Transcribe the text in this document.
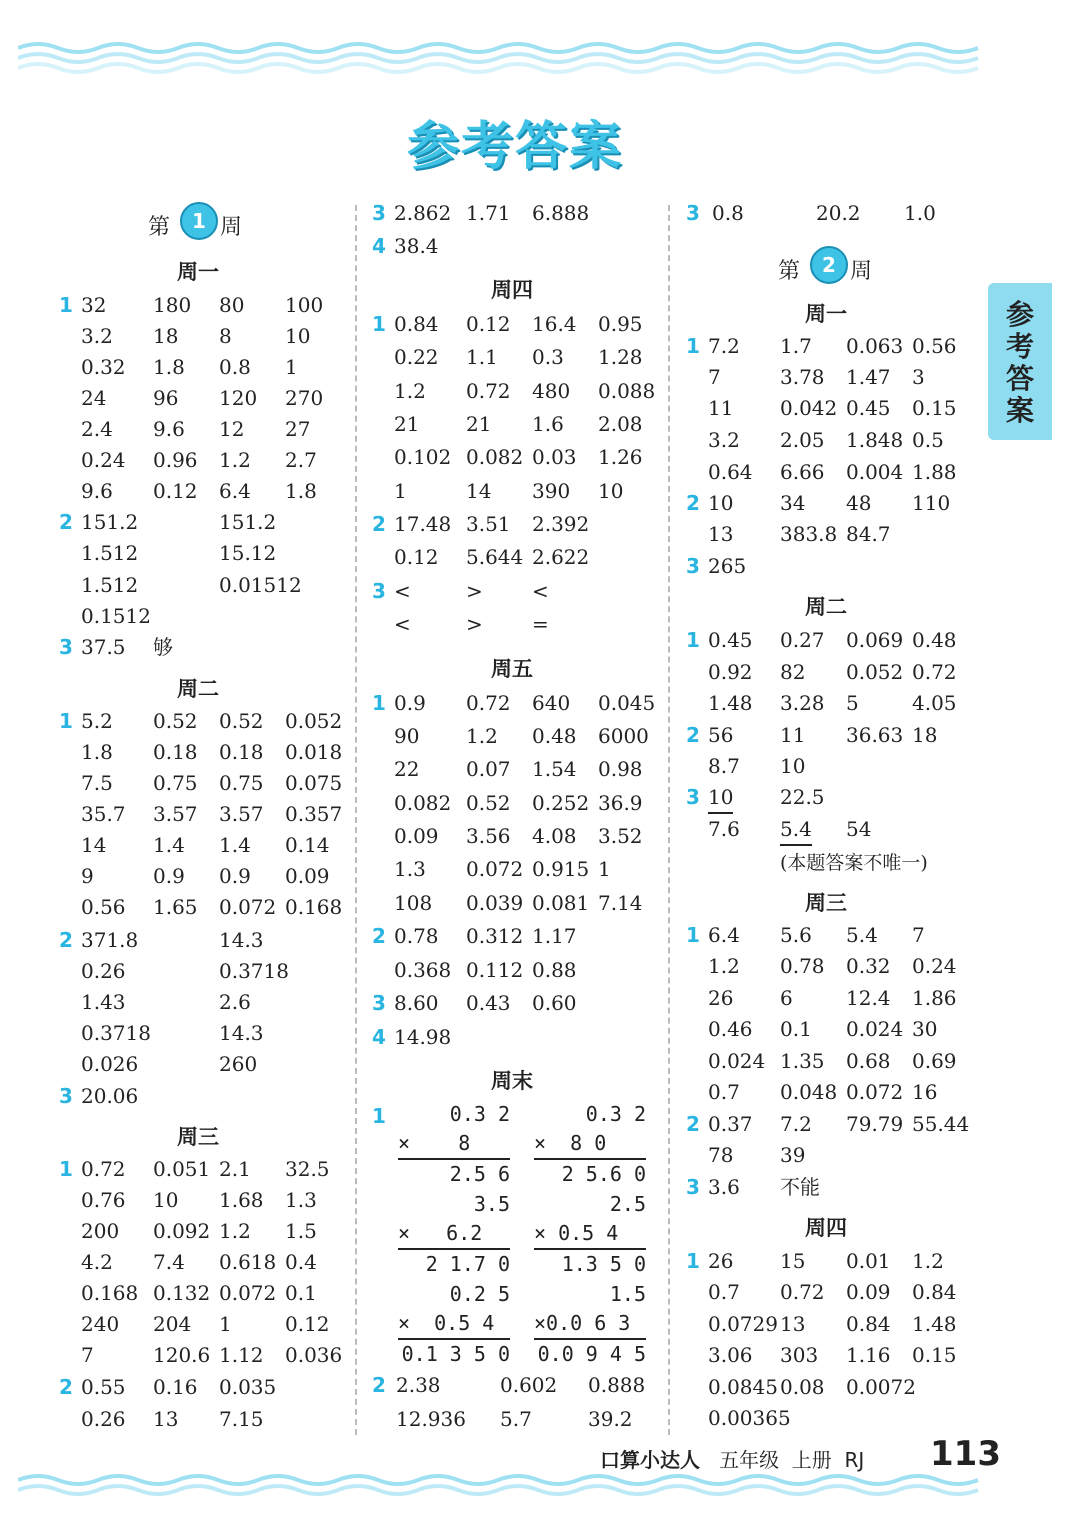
参考答案
参考答案
第	1 周
周一
周二
周三
周四
周五
周末
第	2 周
周一
周二
周三
周四
1 32 180 80 100
3.2 18 8	10
0.32 1.8 0.8 1
24 96 120 270
2.4 9.6 12 27
0.24 0.96 1.2 2.7
9.6 0.12 6.4 1.8
2 151.2	151.2
1.512	15.12
1.512	0.01512
0.1512
3 37.5 够
1 5.2 0.52 0.52 0.052
1.8 0.18 0.18 0.018
7.5 0.75 0.75 0.075
35.7 3.57 3.57 0.357
14 1.4 1.4 0.14
9	0.9 0.9 0.09
0.56 1.65 0.072 0.168
2 371.8	14.3
0.26	0.3718
1.43	2.6
0.3718	14.3
0.026	260
3 20.06
1 0.72 0.051 2.1 32.5
0.76 10 1.68 1.3
200 0.092 1.2 1.5
4.2 7.4 0.618 0.4
0.168 0.132 0.072 0.1
240 204 1	0.12
7	120.6 1.12 0.036
2 0.55 0.16 0.035
0.26 13 7.15
3 2.862 1.71 6.888
4 38.4
1 0.84 0.12 16.4 0.95
0.22 1.1 0.3 1.28
1.2 0.72 480 0.088
21 21 1.6 2.08
0.102 0.082 0.03 1.26
1	14 390 10
2 17.48 3.51 2.392
0.12 5.644 2.622
3 <	> <
<	> =
1 0.9 0.72 640 0.045
90 1.2 0.48 6000
22 0.07 1.54 0.98
0.082 0.52 0.252 36.9
0.09 3.56 4.08 3.52
1.3 0.072 0.915 1
108 0.039 0.081 7.14
2 0.78 0.312 1.17
0.368 0.112 0.88
3 8.60 0.43 0.60
4 14.98
2 2.38	0.602 0.888
12.936 5.7	39.2
3 0.8	20.2 1.0
1 7.2 1.7 0.063 0.56
7	3.78 1.47 3
11 0.042 0.45 0.15
3.2 2.05 1.848 0.5
0.64 6.66 0.004 1.88
2 10 34 48 110
13 383.8 84.7
3 265
1 0.45 0.27 0.069 0.48
0.92 82 0.052 0.72
1.48 3.28 5	4.05
2 56 11 36.63 18
8.7 10
3 10 22.5
7.6 5.4 54
1 6.4 5.6 5.4 7
1.2 0.78 0.32 0.24
26 6	12.4 1.86
0.46 0.1 0.024 30
0.024 1.35 0.68 0.69
0.7 0.048 0.072 16
2 0.37 7.2 79.79 55.44
78 39
3 3.6 不能
1 26 15 0.01 1.2
0.7 0.72 0.09 0.84
0.0729 13 0.84 1.48
3.06 303 1.16 0.15
0.0845 0.08 0.0072
0.00365
1
(本题答案不唯一)
0.3 2
×    8
2.5 6
0.3 2
×  8 0
2 5.6 0
3.5
×   6.2
2 1.7 0
2.5
× 0.5 4
1.3 5 0
0.2 5
×  0.5 4
0.1 3 5 0
1.5
×0.0 6 3
0.0 9 4 5
口算小达人 五年级 上册 RJ 113
